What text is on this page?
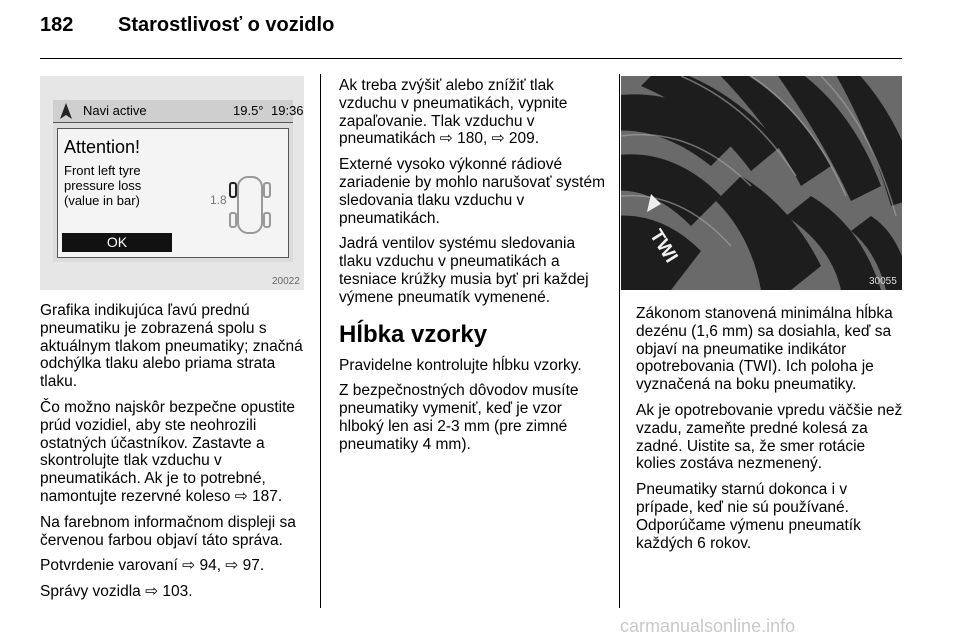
182 Starostlivosť o vozidlo
Navi active	19.5° 19:36
Attention!
Front left tyre
pressure loss
(value in bar)	1.8
OK
20022
TWI
30055

Grafika indikujúca ľavú prednú pneumatiku je zobrazená spolu s aktuálnym tlakom pneumatiky; značná odchýlka tlaku alebo priama strata tlaku.

Čo možno najskôr bezpečne opustite prúd vozidiel, aby ste neohrozili ostatných účastníkov. Zastavte a skontrolujte tlak vzduchu v pneumatikách. Ak je to potrebné, namontujte rezervné koleso ⇨ 187.

Na farebnom informačnom displeji sa červenou farbou objaví táto správa.

Potvrdenie varovaní ⇨ 94, ⇨ 97.

Správy vozidla ⇨ 103.

Ak treba zvýšiť alebo znížiť tlak vzduchu v pneumatikách, vypnite zapaľovanie. Tlak vzduchu v pneumatikách ⇨ 180, ⇨ 209.

Externé vysoko výkonné rádiové zariadenie by mohlo narušovať systém sledovania tlaku vzduchu v pneumatikách.

Jadrá ventilov systému sledovania tlaku vzduchu v pneumatikách a tesniace krúžky musia byť pri každej výmene pneumatík vymenené.

Hĺbka vzorky

Pravidelne kontrolujte hĺbku vzorky.

Z bezpečnostných dôvodov musíte pneumatiky vymeniť, keď je vzor hlboký len asi 2-3 mm (pre zimné pneumatiky 4 mm).

Zákonom stanovená minimálna hĺbka dezénu (1,6 mm) sa dosiahla, keď sa objaví na pneumatike indikátor opotrebovania (TWI). Ich poloha je vyznačená na boku pneumatiky.

Ak je opotrebovanie vpredu väčšie než vzadu, zameňte predné kolesá za zadné. Uistite sa, že smer rotácie kolies zostáva nezmenený.

Pneumatiky starnú dokonca i v prípade, keď nie sú používané. Odporúčame výmenu pneumatík každých 6 rokov.

carmanualsonline.info
